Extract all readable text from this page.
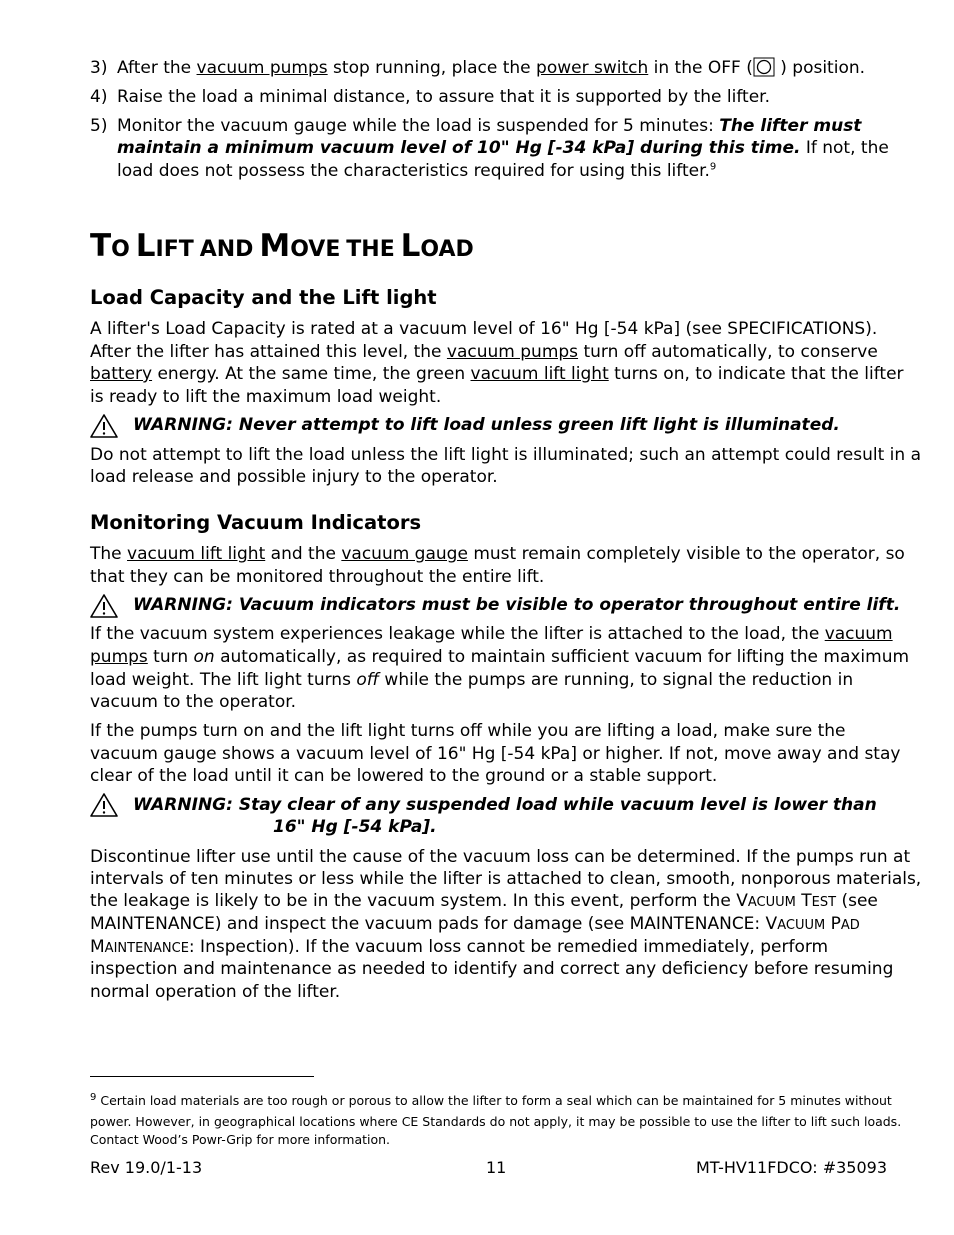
3) After the vacuum pumps stop running, place the power switch in the OFF ( ) position.
4) Raise the load a minimal distance, to assure that it is supported by the lifter.
5) Monitor the vacuum gauge while the load is suspended for 5 minutes: The lifter must
maintain a minimum vacuum level of 10" Hg [-34 kPa] during this time. If not, the
load does not possess the characteristics required for using this lifter.$^9$
TO LIFT AND MOVE THE LOAD
Load Capacity and the Lift light
A lifter's Load Capacity is rated at a vacuum level of 16" Hg [-54 kPa] (see SPECIFICATIONS).
After the lifter has attained this level, the vacuum pumps turn off automatically, to conserve
battery energy. At the same time, the green vacuum lift light turns on, to indicate that the lifter
is ready to lift the maximum load weight.
WARNING: Never attempt to lift load unless green lift light is illuminated.
Do not attempt to lift the load unless the lift light is illuminated; such an attempt could result in a
load release and possible injury to the operator.
Monitoring Vacuum Indicators
The vacuum lift light and the vacuum gauge must remain completely visible to the operator, so
that they can be monitored throughout the entire lift.
WARNING: Vacuum indicators must be visible to operator throughout entire lift.
If the vacuum system experiences leakage while the lifter is attached to the load, the vacuum
pumps turn on automatically, as required to maintain sufficient vacuum for lifting the maximum
load weight. The lift light turns off while the pumps are running, to signal the reduction in
vacuum to the operator.
If the pumps turn on and the lift light turns off while you are lifting a load, make sure the
vacuum gauge shows a vacuum level of 16" Hg [-54 kPa] or higher. If not, move away and stay
clear of the load until it can be lowered to the ground or a stable support.
WARNING: Stay clear of any suspended load while vacuum level is lower than
16" Hg [-54 kPa].
Discontinue lifter use until the cause of the vacuum loss can be determined. If the pumps run at
intervals of ten minutes or less while the lifter is attached to clean, smooth, nonporous materials,
the leakage is likely to be in the vacuum system. In this event, perform the VACUUM TEST (see
MAINTENANCE) and inspect the vacuum pads for damage (see MAINTENANCE: VACUUM PAD
MAINTENANCE: Inspection). If the vacuum loss cannot be remedied immediately, perform
inspection and maintenance as needed to identify and correct any deficiency before resuming
normal operation of the lifter.
$^9$ Certain load materials are too rough or porous to allow the lifter to form a seal which can be maintained for 5 minutes without
power. However, in geographical locations where CE Standards do not apply, it may be possible to use the lifter to lift such loads.
Contact Wood’s Powr-Grip for more information.
Rev 19.0/1-13	11	MT-HV11FDCO: #35093
